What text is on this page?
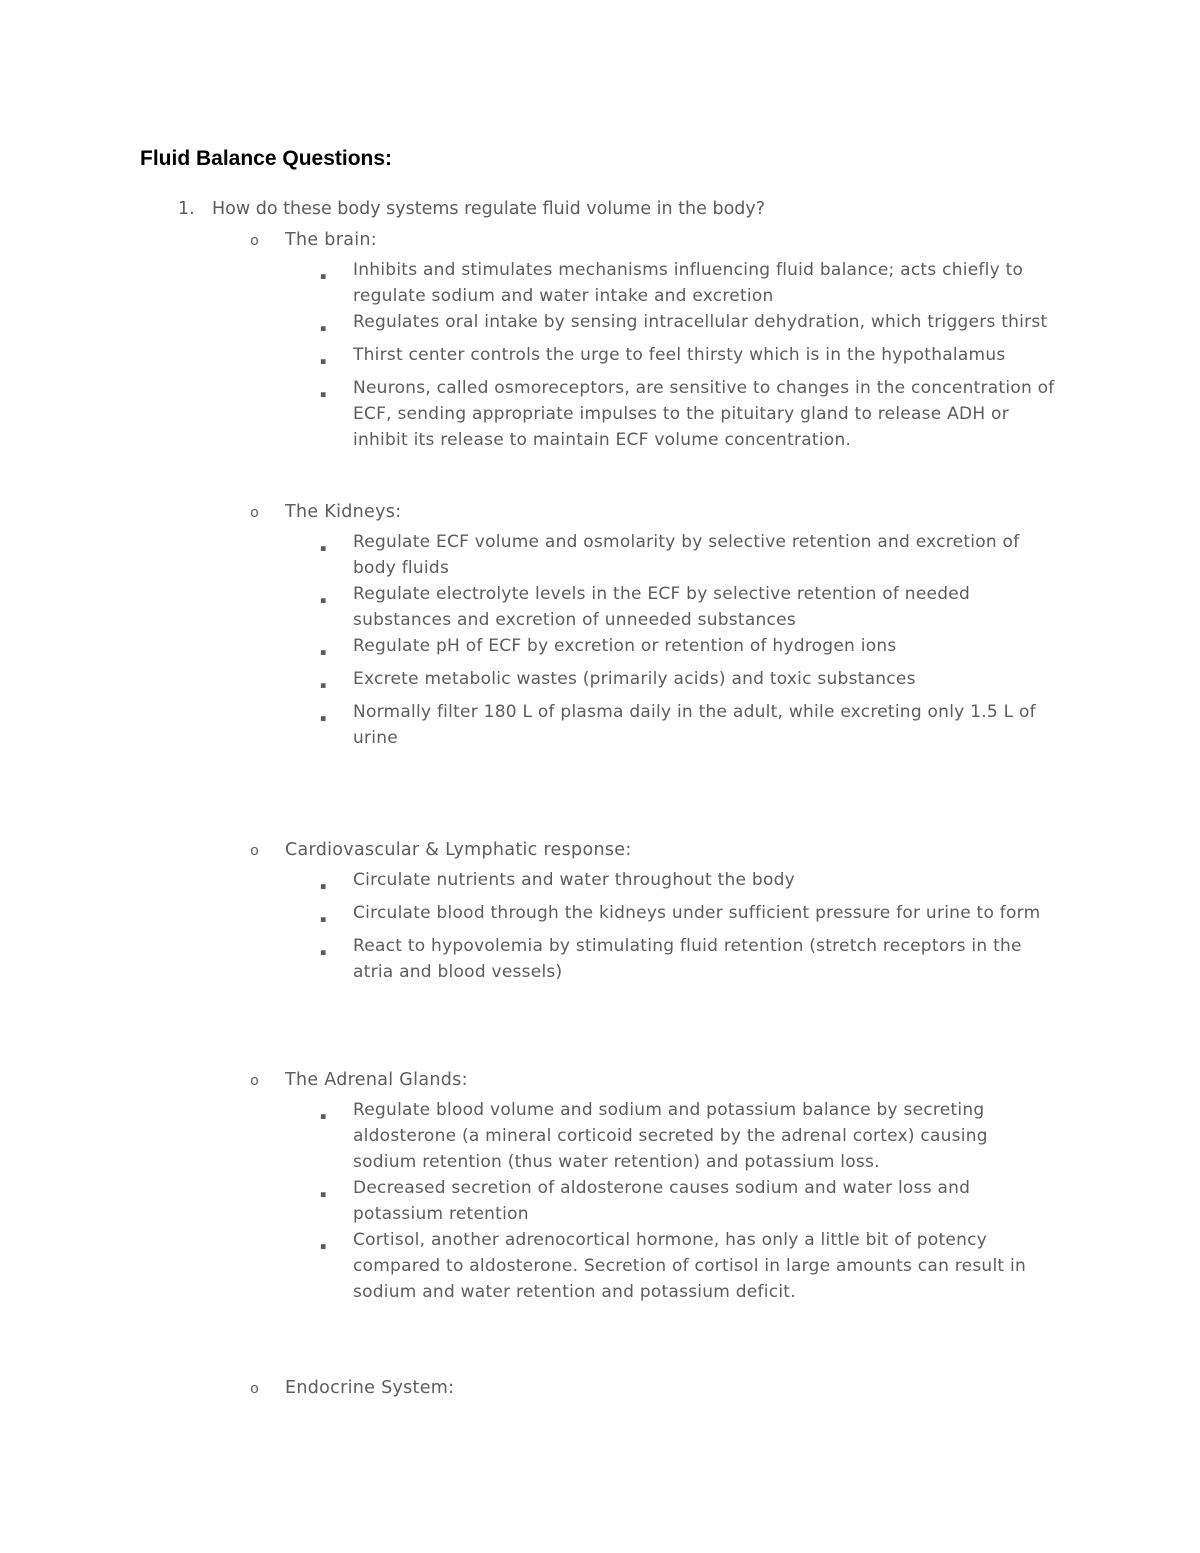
Fluid Balance Questions:
1. How do these body systems regulate fluid volume in the body?
o	The brain:
▪	Inhibits and stimulates mechanisms influencing fluid balance; acts chiefly to regulate sodium and water intake and excretion
▪	Regulates oral intake by sensing intracellular dehydration, which triggers thirst
▪	Thirst center controls the urge to feel thirsty which is in the hypothalamus
▪	Neurons, called osmoreceptors, are sensitive to changes in the concentration of ECF, sending appropriate impulses to the pituitary gland to release ADH or inhibit its release to maintain ECF volume concentration.
o	The Kidneys:
▪	Regulate ECF volume and osmolarity by selective retention and excretion of body fluids
▪	Regulate electrolyte levels in the ECF by selective retention of needed substances and excretion of unneeded substances
▪	Regulate pH of ECF by excretion or retention of hydrogen ions
▪	Excrete metabolic wastes (primarily acids) and toxic substances
▪	Normally filter 180 L of plasma daily in the adult, while excreting only 1.5 L of urine
o	Cardiovascular & Lymphatic response:
▪	Circulate nutrients and water throughout the body
▪	Circulate blood through the kidneys under sufficient pressure for urine to form
▪	React to hypovolemia by stimulating fluid retention (stretch receptors in the atria and blood vessels)
o	The Adrenal Glands:
▪	Regulate blood volume and sodium and potassium balance by secreting aldosterone (a mineral corticoid secreted by the adrenal cortex) causing sodium retention (thus water retention) and potassium loss.
▪	Decreased secretion of aldosterone causes sodium and water loss and potassium retention
▪	Cortisol, another adrenocortical hormone, has only a little bit of potency compared to aldosterone. Secretion of cortisol in large amounts can result in sodium and water retention and potassium deficit.
o	Endocrine System:
